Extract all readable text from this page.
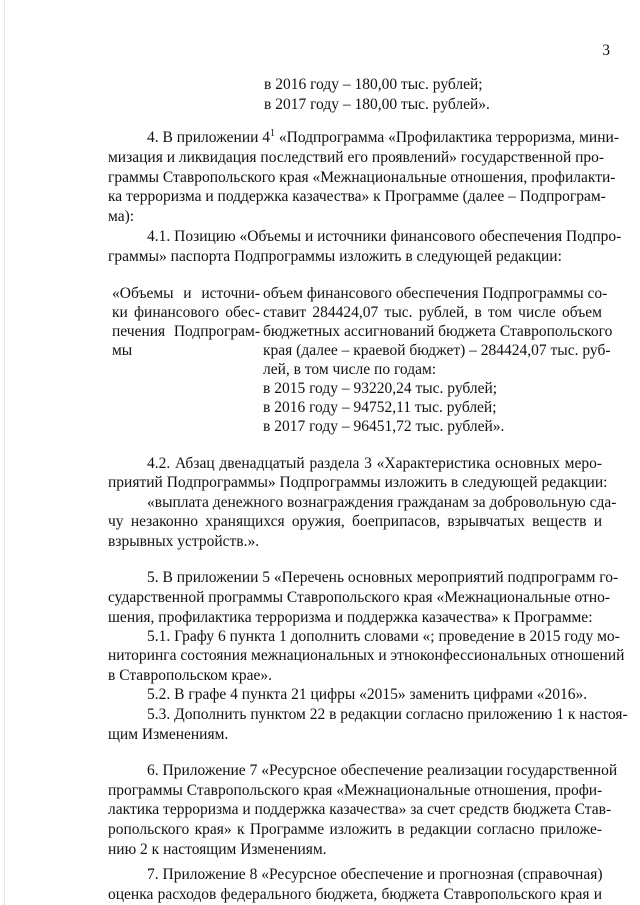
3
в 2016 году – 180,00 тыс. рублей;
в 2017 году – 180,00 тыс. рублей».
4. В приложении $4^1$ «Подпрограмма «Профилактика терроризма, мини-
мизация и ликвидация последствий его проявлений» государственной про-
граммы Ставропольского края «Межнациональные отношения, профилакти-
ка терроризма и поддержка казачества» к Программе (далее – Подпрограм-
ма):
4.1. Позицию «Объемы и источники финансового обеспечения Подпро-
граммы» паспорта Подпрограммы изложить в следующей редакции:
«Объемы и источни-
ки финансового обес-
печения Подпрограм-
мы
объем финансового обеспечения Подпрограммы со-
ставит 284424,07 тыс. рублей, в том числе объем
бюджетных ассигнований бюджета Ставропольского
края (далее – краевой бюджет) – 284424,07 тыс. руб-
лей, в том числе по годам:
в 2015 году – 93220,24 тыс. рублей;
в 2016 году – 94752,11 тыс. рублей;
в 2017 году – 96451,72 тыс. рублей».
4.2. Абзац двенадцатый раздела 3 «Характеристика основных меро-
приятий Подпрограммы» Подпрограммы изложить в следующей редакции:
«выплата денежного вознаграждения гражданам за добровольную сда-
чу незаконно хранящихся оружия, боеприпасов, взрывчатых веществ и
взрывных устройств.».
5. В приложении 5 «Перечень основных мероприятий подпрограмм го-
сударственной программы Ставропольского края «Межнациональные отно-
шения, профилактика терроризма и поддержка казачества» к Программе:
5.1. Графу 6 пункта 1 дополнить словами «; проведение в 2015 году мо-
ниторинга состояния межнациональных и этноконфессиональных отношений
в Ставропольском крае».
5.2. В графе 4 пункта 21 цифры «2015» заменить цифрами «2016».
5.3. Дополнить пунктом 22 в редакции согласно приложению 1 к настоя-
щим Изменениям.
6. Приложение 7 «Ресурсное обеспечение реализации государственной
программы Ставропольского края «Межнациональные отношения, профи-
лактика терроризма и поддержка казачества» за счет средств бюджета Став-
ропольского края» к Программе изложить в редакции согласно приложе-
нию 2 к настоящим Изменениям.
7. Приложение 8 «Ресурсное обеспечение и прогнозная (справочная)
оценка расходов федерального бюджета, бюджета Ставропольского края и
